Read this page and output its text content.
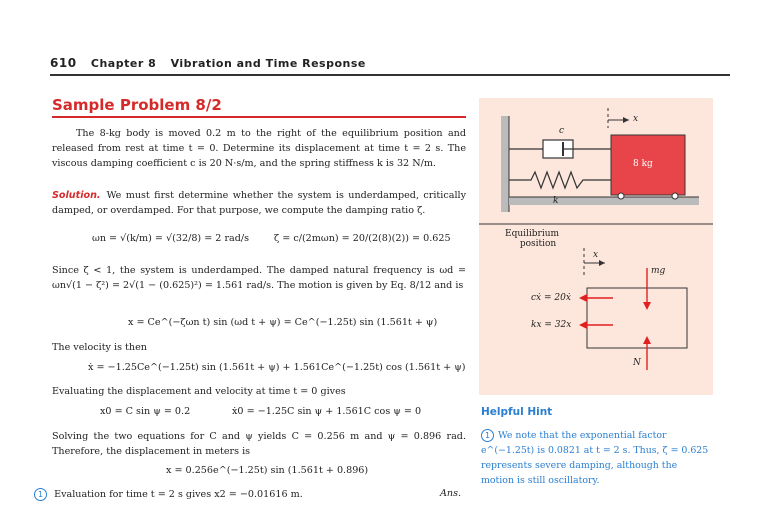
610 Chapter 8 Vibration and Time Response
Sample Problem 8/2
The 8-kg body is moved 0.2 m to the right of the equilibrium position and released from rest at time t = 0. Determine its displacement at time t = 2 s. The viscous damping coefficient c is 20 N·s/m, and the spring stiffness k is 32 N/m.
Solution. We must first determine whether the system is underdamped, critically damped, or overdamped. For that purpose, we compute the damping ratio ζ.
ωn = √(k/m) = √(32/8) = 2 rad/s	ζ = c/(2mωn) = 20/(2(8)(2)) = 0.625
Since ζ < 1, the system is underdamped. The damped natural frequency is ωd = ωn√(1 − ζ²) = 2√(1 − (0.625)²) = 1.561 rad/s. The motion is given by Eq. 8/12 and is
x = Ce^(−ζωn t) sin (ωd t + ψ) = Ce^(−1.25t) sin (1.561t + ψ)
The velocity is then
ẋ = −1.25Ce^(−1.25t) sin (1.561t + ψ) + 1.561Ce^(−1.25t) cos (1.561t + ψ)
Evaluating the displacement and velocity at time t = 0 gives
x0 = C sin ψ = 0.2	ẋ0 = −1.25C sin ψ + 1.561C cos ψ = 0
Solving the two equations for C and ψ yields C = 0.256 m and ψ = 0.896 rad. Therefore, the displacement in meters is
x = 0.256e^(−1.25t) sin (1.561t + 0.896)
1 Evaluation for time t = 2 s gives x2 = −0.01616 m.	Ans.
c
k
x
8 kg
Equilibrium
position
x
cẋ = 20ẋ
kx = 32x
mg
N
Helpful Hint
1 We note that the exponential factor e^(−1.25t) is 0.0821 at t = 2 s. Thus, ζ = 0.625 represents severe damping, although the motion is still oscillatory.
